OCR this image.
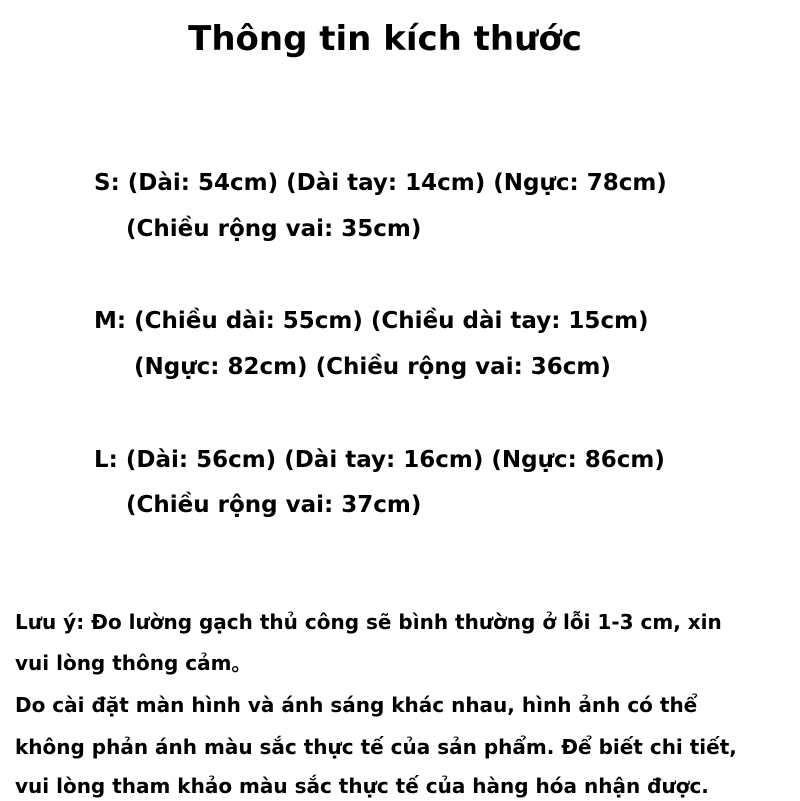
Thông tin kích thước

S: (Dài: 54cm) (Dài tay: 14cm) (Ngực: 78cm)

(Chiều rộng vai: 35cm)

M: (Chiều dài: 55cm) (Chiều dài tay: 15cm)

(Ngực: 82cm) (Chiều rộng vai: 36cm)

L: (Dài: 56cm) (Dài tay: 16cm) (Ngực: 86cm)

(Chiều rộng vai: 37cm)

Lưu ý: Đo lường gạch thủ công sẽ bình thường ở lỗi 1-3 cm, xin

vui lòng thông cảm。

Do cài đặt màn hình và ánh sáng khác nhau, hình ảnh có thể

không phản ánh màu sắc thực tế của sản phẩm. Để biết chi tiết,

vui lòng tham khảo màu sắc thực tế của hàng hóa nhận được.
